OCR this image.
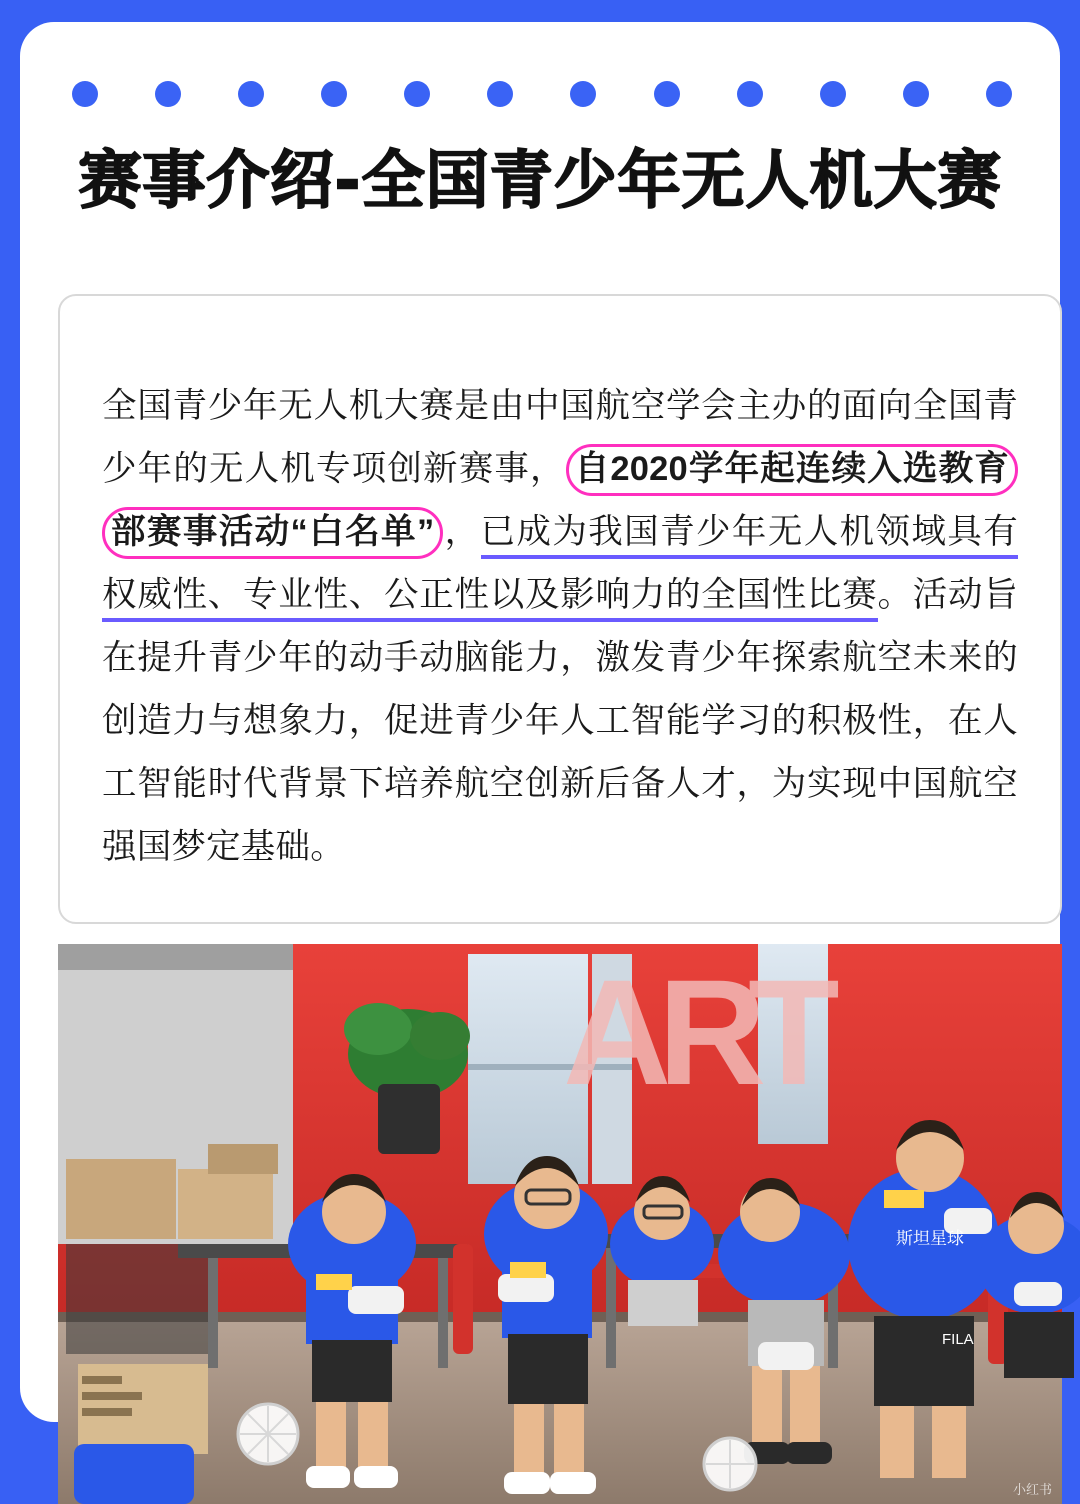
赛事介绍-全国青少年无人机大赛

全国青少年无人机大赛是由中国航空学会主办的面向全国青少年的无人机专项创新赛事， 自2020学年起连续入选教育部赛事活动“白名单” ，已成为我国青少年无人机领域具有权威性、专业性、公正性以及影响力的全国性比赛。活动旨在提升青少年的动手动脑能力，激发青少年探索航空未来的创造力与想象力，促进青少年人工智能学习的积极性，在人工智能时代背景下培养航空创新后备人才，为实现中国航空强国梦定基础。

A
R
T
斯坦星球
FILA
小红书
